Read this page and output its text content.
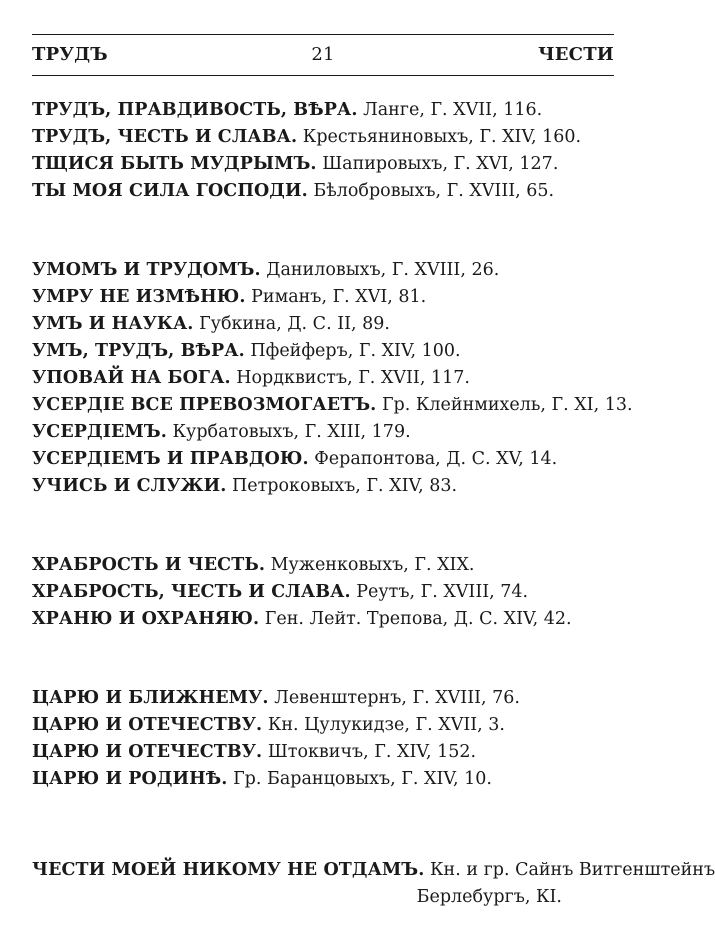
ТРУДЪ	21	ЧЕСТИ
ТРУДЪ, ПРАВДИВОСТЬ, ВѢРА. Ланге, Г. XVII, 116.
ТРУДЪ, ЧЕСТЬ И СЛАВА. Крестьяниновыхъ, Г. XIV, 160.
ТЩИСЯ БЫТЬ МУДРЫМЪ. Шапировыхъ, Г. XVI, 127.
ТЫ МОЯ СИЛА ГОСПОДИ. Бѣлобровыхъ, Г. XVIII, 65.
УМОМЪ И ТРУДОМЪ. Даниловыхъ, Г. XVIII, 26.
УМРУ НЕ ИЗМѢНЮ. Риманъ, Г. XVI, 81.
УМЪ И НАУКА. Губкина, Д. С. II, 89.
УМЪ, ТРУДЪ, ВѢРА. Пфейферъ, Г. XIV, 100.
УПОВАЙ НА БОГА. Нордквистъ, Г. XVII, 117.
УСЕРДІЕ ВСЕ ПРЕВОЗМОГАЕТЪ. Гр. Клейнмихель, Г. XI, 13.
УСЕРДІЕМЪ. Курбатовыхъ, Г. XIII, 179.
УСЕРДІЕМЪ И ПРАВДОЮ. Ферапонтова, Д. С. XV, 14.
УЧИСЬ И СЛУЖИ. Петроковыхъ, Г. XIV, 83.
ХРАБРОСТЬ И ЧЕСТЬ. Муженковыхъ, Г. XIX.
ХРАБРОСТЬ, ЧЕСТЬ И СЛАВА. Реутъ, Г. XVIII, 74.
ХРАНЮ И ОХРАНЯЮ. Ген. Лейт. Трепова, Д. С. XIV, 42.
ЦАРЮ И БЛИЖНЕМУ. Левенштернъ, Г. XVIII, 76.
ЦАРЮ И ОТЕЧЕСТВУ. Кн. Цулукидзе, Г. XVII, 3.
ЦАРЮ И ОТЕЧЕСТВУ. Штоквичъ, Г. XIV, 152.
ЦАРЮ И РОДИНѢ. Гр. Баранцовыхъ, Г. XIV, 10.
ЧЕСТИ МОЕЙ НИКОМУ НЕ ОТДАМЪ. Кн. и гр. Сайнъ Витгенштейнъ
Берлебургъ, КI.
